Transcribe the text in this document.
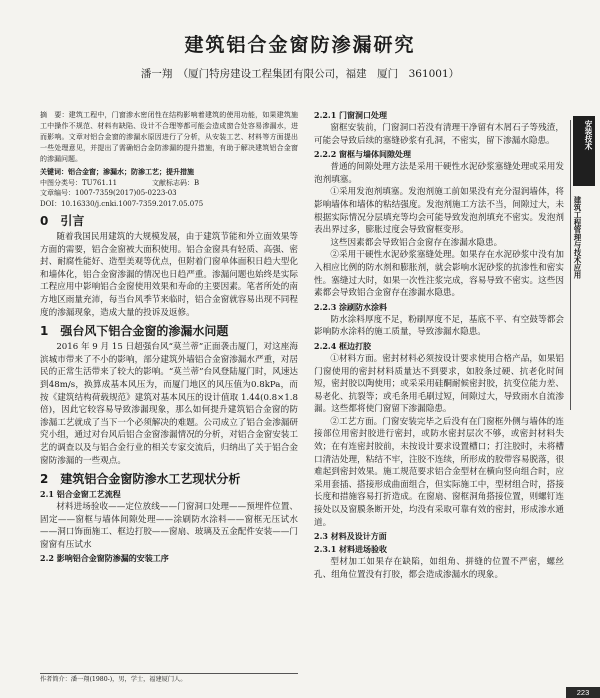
建筑铝合金窗防渗漏研究
潘一翔　（厦门特房建设工程集团有限公司，福建　厦门　361001）

摘　要：建筑工程中，门窗渗水密闭性在结构影响着建筑的使用功能，如果建筑施工中操作不规范、材料有缺陷、设计不合理等都可能会造成窗合处容易渗漏水，进而影响。文章对铝合金窗的渗漏水原因进行了分析，从安装工艺、材料等方面提出一些处理意见，并提出了需确铝合金防渗漏的提升措施，有助于解决建筑铝合金窗的渗漏问题。

关键词：铝合金窗；渗漏水；防渗工艺；提升措施

中图分类号：TU761.11　　　　　文献标志码：B

文章编号：1007-7359(2017)05-0223-03

DOI：10.16330/j.cnki.1007-7359.2017.05.075

0　引言

随着我国民用建筑的大规模发展，由于建筑节能和外立面效果等方面的需要，铝合金窗被大面积使用。铝合金窗具有轻质、高强、密封、耐腐性能好、造型美观等优点，但附着门窗单体面积日趋大型化和墙体化，铝合金窗渗漏的情况也日趋严重。渗漏问题也始终是实际工程应用中影响铝合金窗使用效果和寿命的主要因素。笔者所处的南方地区雨量充沛，每当台风季节来临时，铝合金窗就容易出现不同程度的渗漏现象，造成大量的投诉及返修。

1　强台风下铝合金窗的渗漏水问题

2016 年 9 月 15 日超强台风“莫兰蒂”正面袭击厦门，对这座海滨城市带来了不小的影响，部分建筑外墙铝合金窗渗漏水严重，对居民的正常生活带来了较大的影响。“莫兰蒂”台风登陆厦门时，风速达到48m/s，换算成基本风压为，而厦门地区的风压值为0.8kPa，而按《建筑结构荷载规范》建筑对基本风压的设计值取 1.44(0.8×1.8 倍)，因此它较容易导致渗漏现象，那么如何提升建筑铝合金窗的防渗漏工艺就成了当下一个必须解决的难题。公司成立了铝合金渗漏研究小组，通过对台风后铝合金窗渗漏情况的分析，对铝合金窗安装工艺的调查以及与铝合金行业的相关专家交流后，归纳出了关于铝合金窗防渗漏的一些观点。

2　建筑铝合金窗防渗水工艺现状分析
2.1 铝合金窗工艺流程

材料进场验收——定位放线——门窗洞口处理——预埋件位置、固定——窗框与墙体间隙处理——涂刷防水涂料——窗框无压试水——洞口饰面施工、框边打胶——窗扇、玻璃及五金配件安装——门窗窗有压试水

2.2 影响铝合金窗防渗漏的安装工序
作者简介：潘一翔(1980-)，男，学士，福建厦门人。
2.2.1 门窗洞口处理

窗框安装前，门窗洞口若没有清理干净留有木屑石子等残渣，可能会导致后续的塞缝砂浆有孔洞，不密实，留下渗漏水隐患。

2.2.2 窗框与墙体间隙处理

普通的间隙处理方法是采用干硬性水泥砂浆塞缝处理或采用发泡剂填塞。

①采用发泡剂填塞。发泡剂施工前如果没有充分湿润墙体，将影响墙体和墙体的粘结强度。发泡剂施工方法不当，间隙过大，未根据实际情况分层填充等均会可能导致发泡剂填充不密实。发泡剂表出界过多，膨胀过度会导致窗框变形。

这些因素都会导致铝合金窗存在渗漏水隐患。

②采用干硬性水泥砂浆塞缝处理。如果存在水泥砂浆中没有加入相应比例的防水剂和膨胀剂，就会影响水泥砂浆的抗渗性和密实性。塞缝过大时，如果一次性注浆完成，容易导致不密实。这些因素都会导致铝合金窗存在渗漏水隐患。

2.2.3 涂刷防水涂料

防水涂料厚度不足，粉刷厚度不足，基底不平、有空鼓等都会影响防水涂料的施工质量，导致渗漏水隐患。

2.2.4 框边打胶

①材料方面。密封材料必须按设计要求使用合格产品，如果铝门窗使用的密封材料质量达不到要求，如胶条过硬、抗老化时间短，密封胶以陶使用；或采采用硅酮耐候密封胶，抗变位能力差、易老化、抗裂等；或毛条用毛刷过短，间隙过大，导致雨水自流渗漏。这些都将使门窗留下渗漏隐患。

②工艺方面。门窗安装完毕之后没有在门窗框外侧与墙体的连接部位用密封胶进行密封，或防水密封层次不够，或密封材料失效；在有连密封胶前，未按设计要求设置槽口；打注胶时，未将槽口清洁处理，粘结不牢，注胶不连续，所形成的胶带容易脱落，很难起到密封效果。施工规范要求铝合金型材在横向竖向组合时，应采用套插、搭接形成曲面组合，但实际施工中，型材组合时，搭接长度和措施容易打折造成。在窗扇、窗框洞角搭接位置，则螺钉连接处以及窗膜条断开处，均没有采取可靠有效的密封，形成渗水通道。

2.3 材料及设计方面
2.3.1 材料进场验收

型材加工如果存在缺陷，如组角、拼缝的位置不严密，螺丝孔、组角位置没有打胶，都会造成渗漏水的现象。

安装技术
建筑工程管理与技术应用
223
